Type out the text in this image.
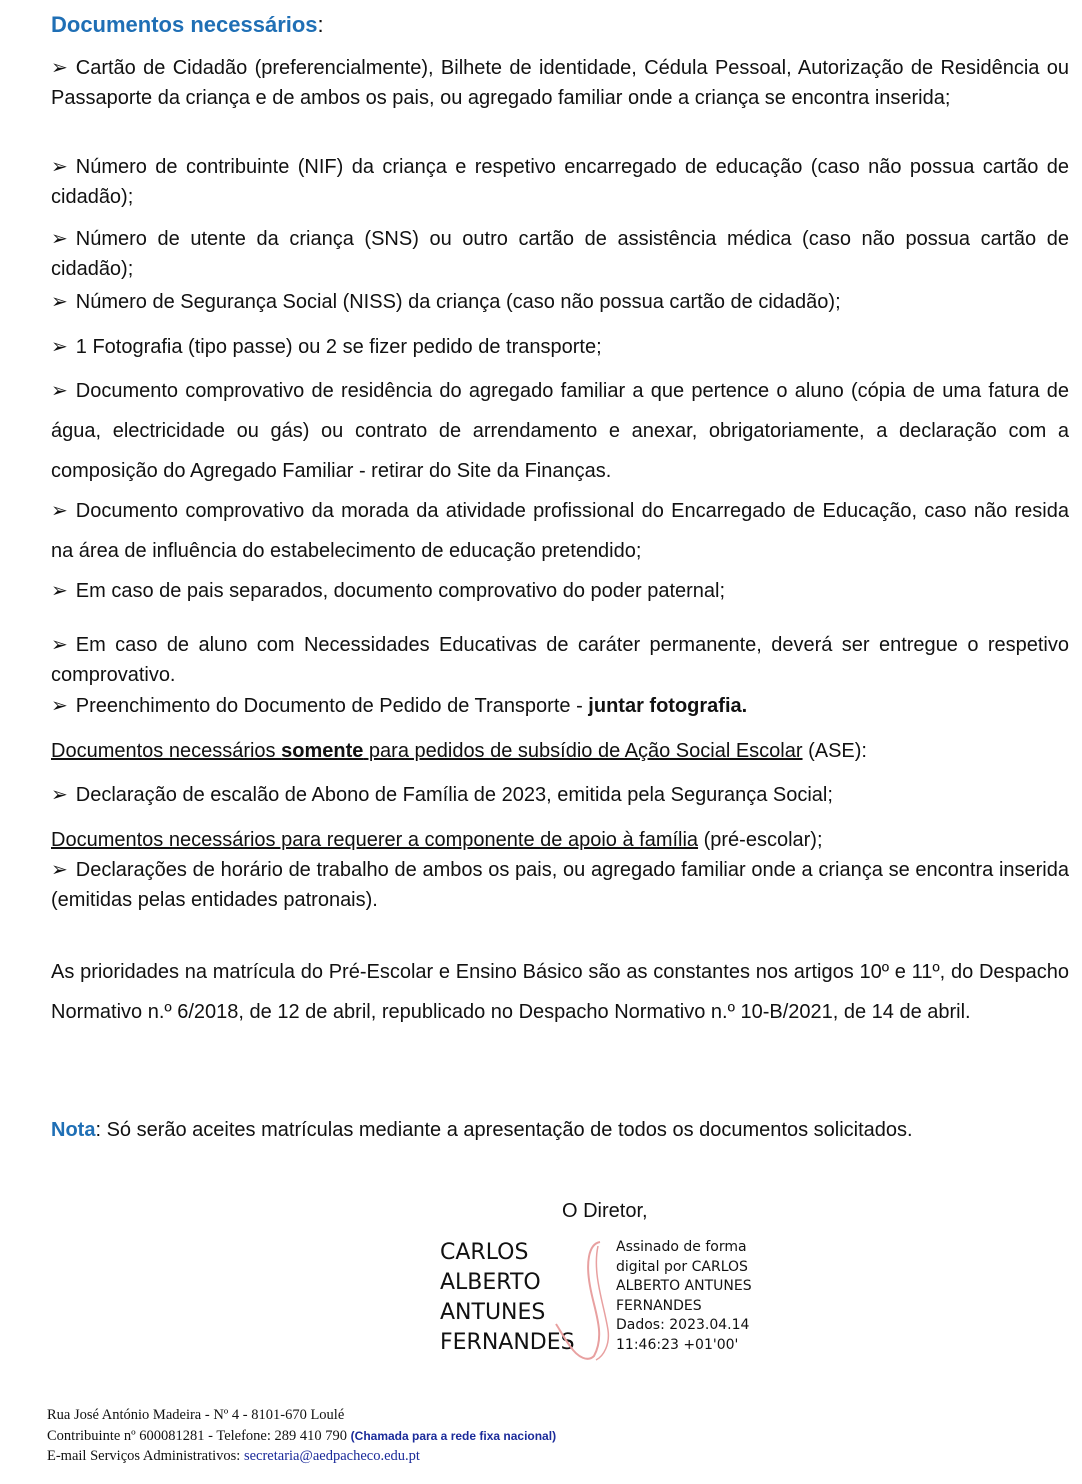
Documentos necessários:

➢ Cartão de Cidadão (preferencialmente), Bilhete de identidade, Cédula Pessoal, Autorização de Residência ou Passaporte da criança e de ambos os pais, ou agregado familiar onde a criança se encontra inserida;

➢ Número de contribuinte (NIF) da criança e respetivo encarregado de educação (caso não possua cartão de cidadão);

➢ Número de utente da criança (SNS) ou outro cartão de assistência médica (caso não possua cartão de cidadão);

➢ Número de Segurança Social (NISS) da criança (caso não possua cartão de cidadão);

➢ 1 Fotografia (tipo passe) ou 2 se fizer pedido de transporte;

➢ Documento comprovativo de residência do agregado familiar a que pertence o aluno (cópia de uma fatura de água, electricidade ou gás) ou contrato de arrendamento e anexar, obrigatoriamente, a declaração com a composição do Agregado Familiar - retirar do Site da Finanças.

➢ Documento comprovativo da morada da atividade profissional do Encarregado de Educação, caso não resida na área de influência do estabelecimento de educação pretendido;

➢ Em caso de pais separados, documento comprovativo do poder paternal;

➢ Em caso de aluno com Necessidades Educativas de caráter permanente, deverá ser entregue o respetivo comprovativo.

➢ Preenchimento do Documento de Pedido de Transporte - juntar fotografia.

Documentos necessários somente para pedidos de subsídio de Ação Social Escolar (ASE):

➢ Declaração de escalão de Abono de Família de 2023, emitida pela Segurança Social;

Documentos necessários para requerer a componente de apoio à família (pré-escolar);

➢ Declarações de horário de trabalho de ambos os pais, ou agregado familiar onde a criança se encontra inserida (emitidas pelas entidades patronais).

As prioridades na matrícula do Pré-Escolar e Ensino Básico são as constantes nos artigos 10º e 11º, do Despacho Normativo n.º 6/2018, de 12 de abril, republicado no Despacho Normativo n.º 10-B/2021, de 14 de abril.

Nota: Só serão aceites matrículas mediante a apresentação de todos os documentos solicitados.

O Diretor,
CARLOS
ALBERTO
ANTUNES
FERNANDES
Assinado de forma
digital por CARLOS
ALBERTO ANTUNES
FERNANDES
Dados: 2023.04.14
11:46:23 +01'00'
Rua José António Madeira - Nº 4 - 8101-670 Loulé
Contribuinte nº 600081281 - Telefone: 289 410 790 (Chamada para a rede fixa nacional)
E-mail Serviços Administrativos: secretaria@aedpacheco.edu.pt
